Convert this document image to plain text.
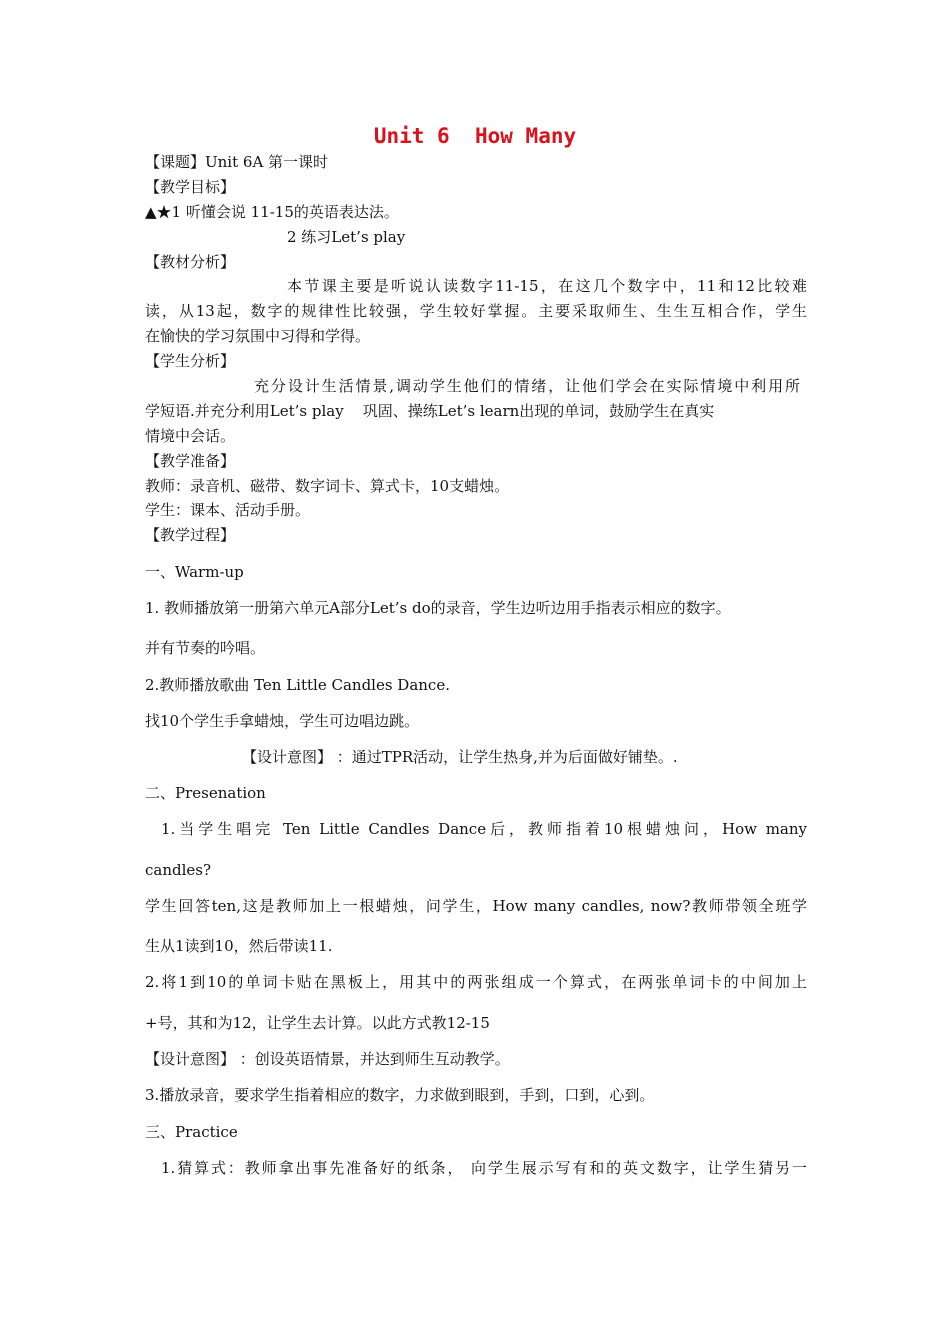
Unit 6  How Many
【课题】Unit 6A 第一课时
【教学目标】
▲★1 听懂会说 11-15的英语表达法。
2 练习Let’s play
【教材分析】
本节课主要是听说认读数字11-15，在这几个数字中，11和12比较难
读，从13起，数字的规律性比较强，学生较好掌握。主要采取师生、生生互相合作，学生
在愉快的学习氛围中习得和学得。
【学生分析】
充分设计生活情景,调动学生他们的情绪，让他们学会在实际情境中利用所
学短语.并充分利用Let’s play    巩固、操练Let’s learn出现的单词，鼓励学生在真实
情境中会话。
【教学准备】
教师：录音机、磁带、数字词卡、算式卡，10支蜡烛。
学生：课本、活动手册。
【教学过程】
一、Warm-up
1. 教师播放第一册第六单元A部分Let’s do的录音，学生边听边用手指表示相应的数字。
并有节奏的吟唱。
2.教师播放歌曲 Ten Little Candles Dance.
找10个学生手拿蜡烛，学生可边唱边跳。
【设计意图】 ：通过TPR活动，让学生热身,并为后面做好铺垫。.
二、Presenation
1.当学生唱完 Ten Little Candles Dance后，教师指着10根蜡烛问，How many
candles?
学生回答ten,这是教师加上一根蜡烛，问学生，How many candles, now?教师带领全班学
生从1读到10，然后带读11.
2.将1到10的单词卡贴在黑板上，用其中的两张组成一个算式，在两张单词卡的中间加上
+号，其和为12，让学生去计算。以此方式教12-15
【设计意图】 ：创设英语情景，并达到师生互动教学。
3.播放录音，要求学生指着相应的数字，力求做到眼到，手到，口到，心到。
三、Practice
1.猜算式：教师拿出事先准备好的纸条， 向学生展示写有和的英文数字，让学生猜另一
